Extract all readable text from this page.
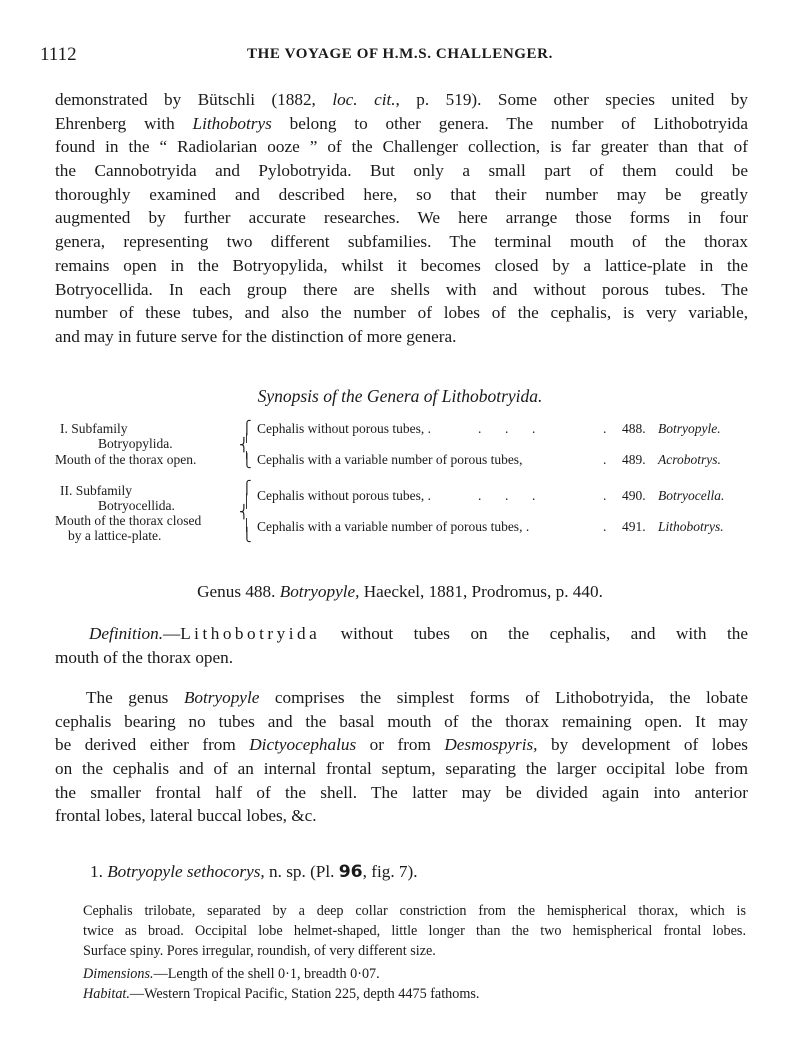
1112	THE VOYAGE OF H.M.S. CHALLENGER.
demonstrated by Bütschli (1882, loc. cit., p. 519). Some other species united by
Ehrenberg with Lithobotrys belong to other genera. The number of Lithobotryida
found in the “ Radiolarian ooze ” of the Challenger collection, is far greater than that of
the Cannobotryida and Pylobotryida. But only a small part of them could be
thoroughly examined and described here, so that their number may be greatly
augmented by further accurate researches. We here arrange those forms in four
genera, representing two different subfamilies. The terminal mouth of the thorax
remains open in the Botryopylida, whilst it becomes closed by a lattice-plate in the
Botryocellida. In each group there are shells with and without porous tubes. The
number of these tubes, and also the number of lobes of the cephalis, is very variable,
and may in future serve for the distinction of more genera.
Synopsis of the Genera of Lithobotryida.
I. Subfamily
Botryopylida.
Mouth of the thorax open.
⎧
⎨
⎩
Cephalis without porous tubes, .	.       .       .	. 488. Botryopyle.
Cephalis with a variable number of porous tubes,	. 489. Acrobotrys.
II. Subfamily
Botryocellida.
Mouth of the thorax closed
by a lattice-plate.
⎧
⎨
⎩
Cephalis without porous tubes, .	.       .       .	. 490. Botryocella.
Cephalis with a variable number of porous tubes, .	. 491. Lithobotrys.
Genus 488. Botryopyle, Haeckel, 1881, Prodromus, p. 440.
Definition.—Lithobotryida without tubes on the cephalis, and with the
mouth of the thorax open.
The genus Botryopyle comprises the simplest forms of Lithobotryida, the lobate
cephalis bearing no tubes and the basal mouth of the thorax remaining open. It may
be derived either from Dictyocephalus or from Desmospyris, by development of lobes
on the cephalis and of an internal frontal septum, separating the larger occipital lobe from
the smaller frontal half of the shell. The latter may be divided again into anterior
frontal lobes, lateral buccal lobes, &c.
1. Botryopyle sethocorys, n. sp. (Pl. 96, fig. 7).
Cephalis trilobate, separated by a deep collar constriction from the hemispherical thorax, which is
twice as broad. Occipital lobe helmet-shaped, little longer than the two hemispherical frontal lobes.
Surface spiny. Pores irregular, roundish, of very different size.
Dimensions.—Length of the shell 0·1, breadth 0·07.
Habitat.—Western Tropical Pacific, Station 225, depth 4475 fathoms.
